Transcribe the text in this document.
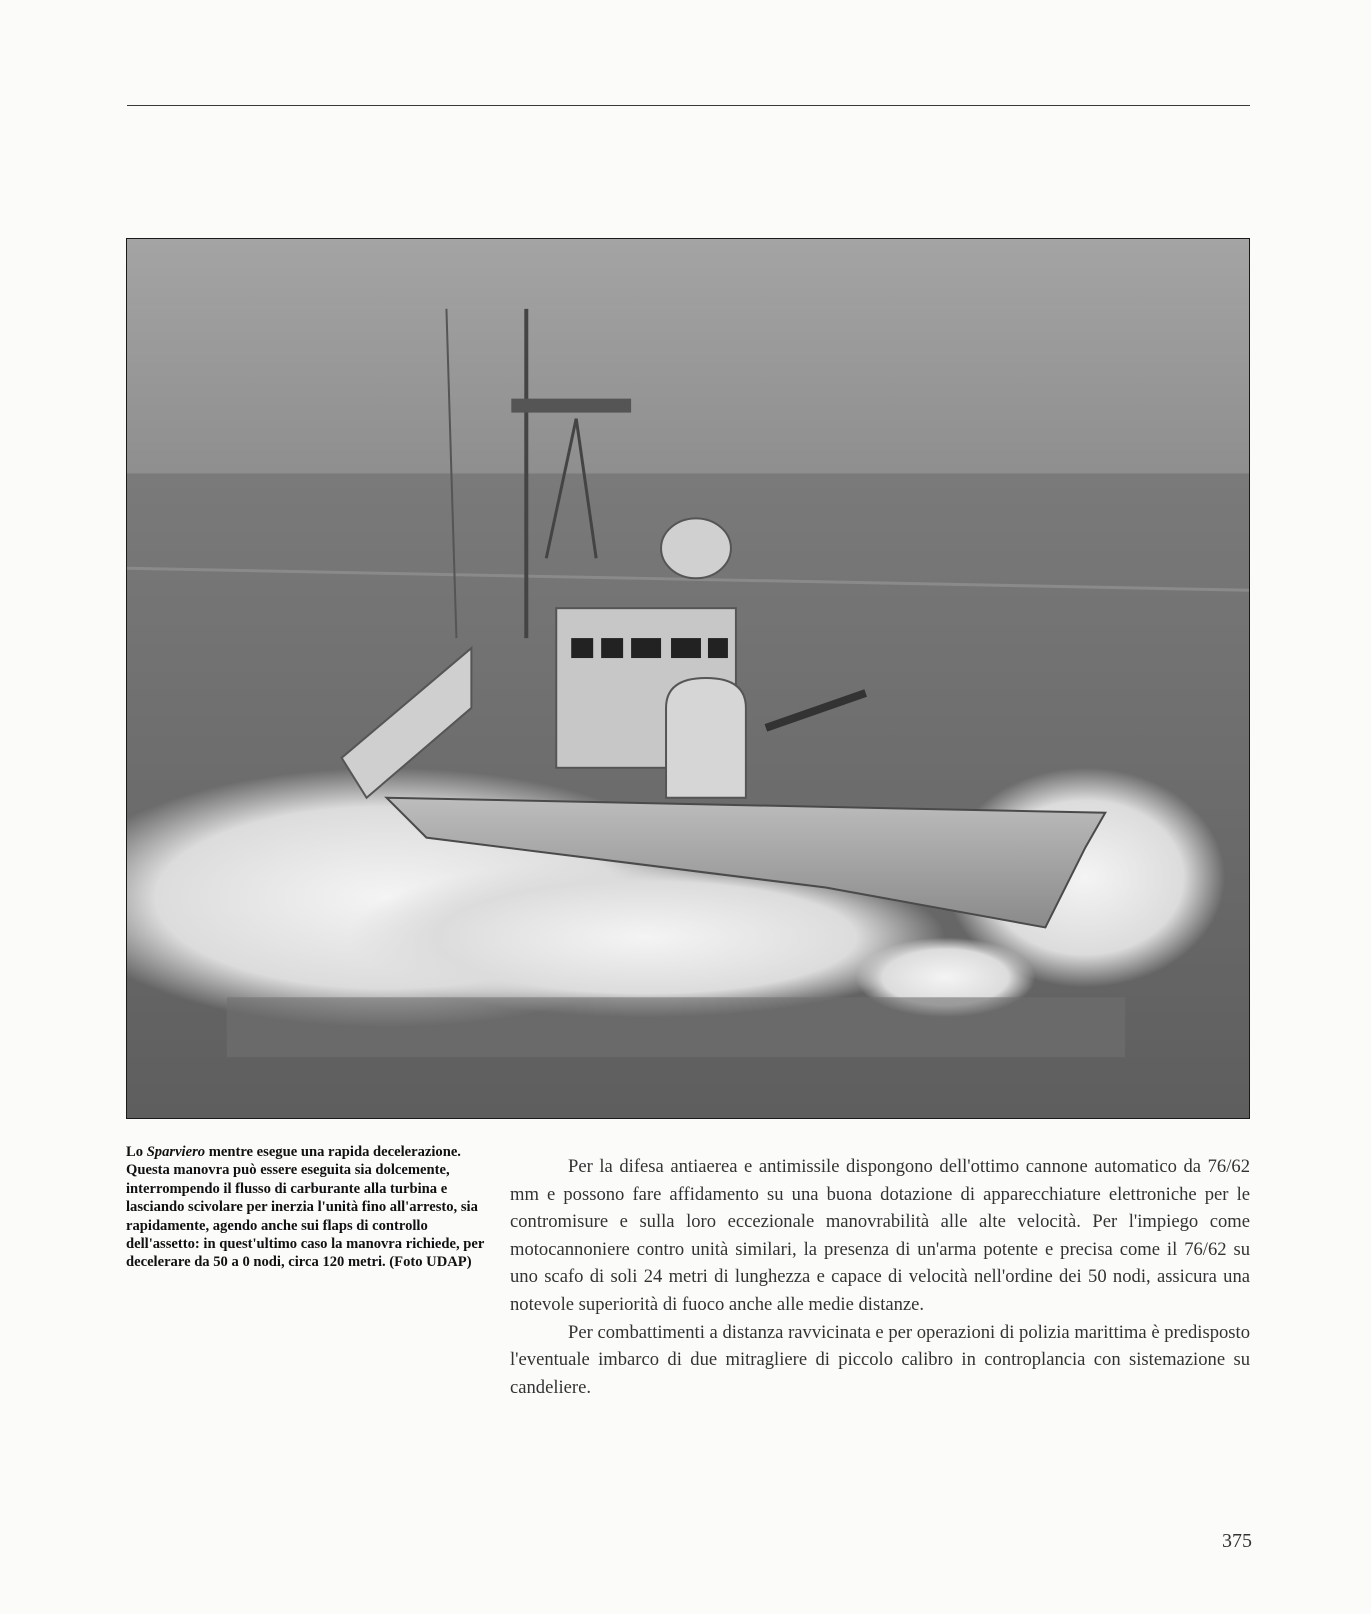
Lo Sparviero mentre esegue una rapida decelerazione. Questa manovra può essere eseguita sia dolcemente, interrompendo il flusso di carburante alla turbina e lasciando scivolare per inerzia l'unità fino all'arresto, sia rapidamente, agendo anche sui flaps di controllo dell'assetto: in quest'ultimo caso la manovra richiede, per decelerare da 50 a 0 nodi, circa 120 metri. (Foto UDAP)

Per la difesa antiaerea e antimissile dispongono dell'ottimo cannone automatico da 76/62 mm e possono fare affidamento su una buona dotazione di apparecchiature elettroniche per le contromisure e sulla loro eccezionale manovrabilità alle alte velocità. Per l'impiego come motocannoniere contro unità similari, la presenza di un'arma potente e precisa come il 76/62 su uno scafo di soli 24 metri di lunghezza e capace di velocità nell'ordine dei 50 nodi, assicura una notevole superiorità di fuoco anche alle medie distanze.

Per combattimenti a distanza ravvicinata e per operazioni di polizia marittima è predisposto l'eventuale imbarco di due mitragliere di piccolo calibro in controplancia con sistemazione su candeliere.

375
